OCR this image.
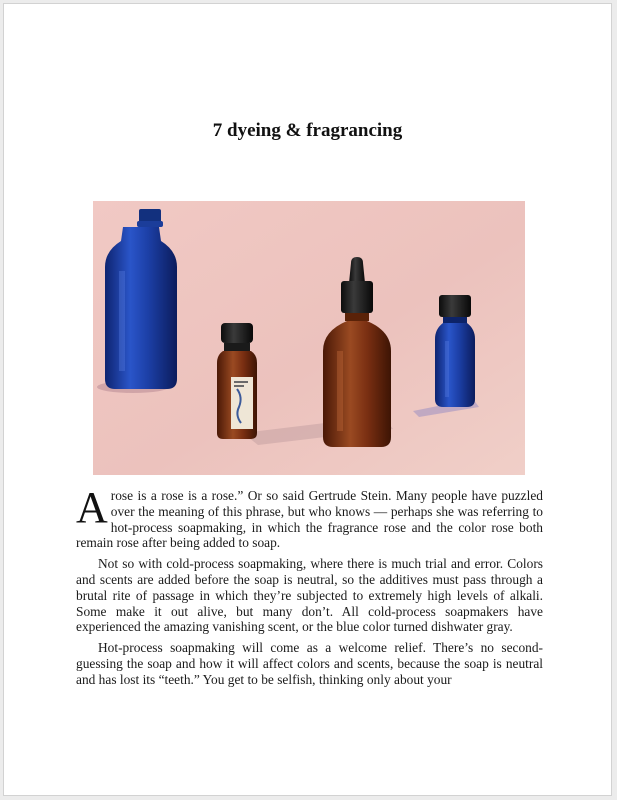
7 dyeing & fragrancing

Arose is a rose is a rose.” Or so said Gertrude Stein. Many people have puzzled over the meaning of this phrase, but who knows — perhaps she was referring to hot-process soapmaking, in which the fragrance rose and the color rose both remain rose after being added to soap.

Not so with cold-process soapmaking, where there is much trial and error. Colors and scents are added before the soap is neutral, so the additives must pass through a brutal rite of passage in which they’re subjected to extremely high levels of alkali. Some make it out alive, but many don’t. All cold-process soapmakers have experienced the amazing vanishing scent, or the blue color turned dishwater gray.

Hot-process soapmaking will come as a welcome relief. There’s no second-guessing the soap and how it will affect colors and scents, because the soap is neutral and has lost its “teeth.” You get to be selfish, thinking only about your
